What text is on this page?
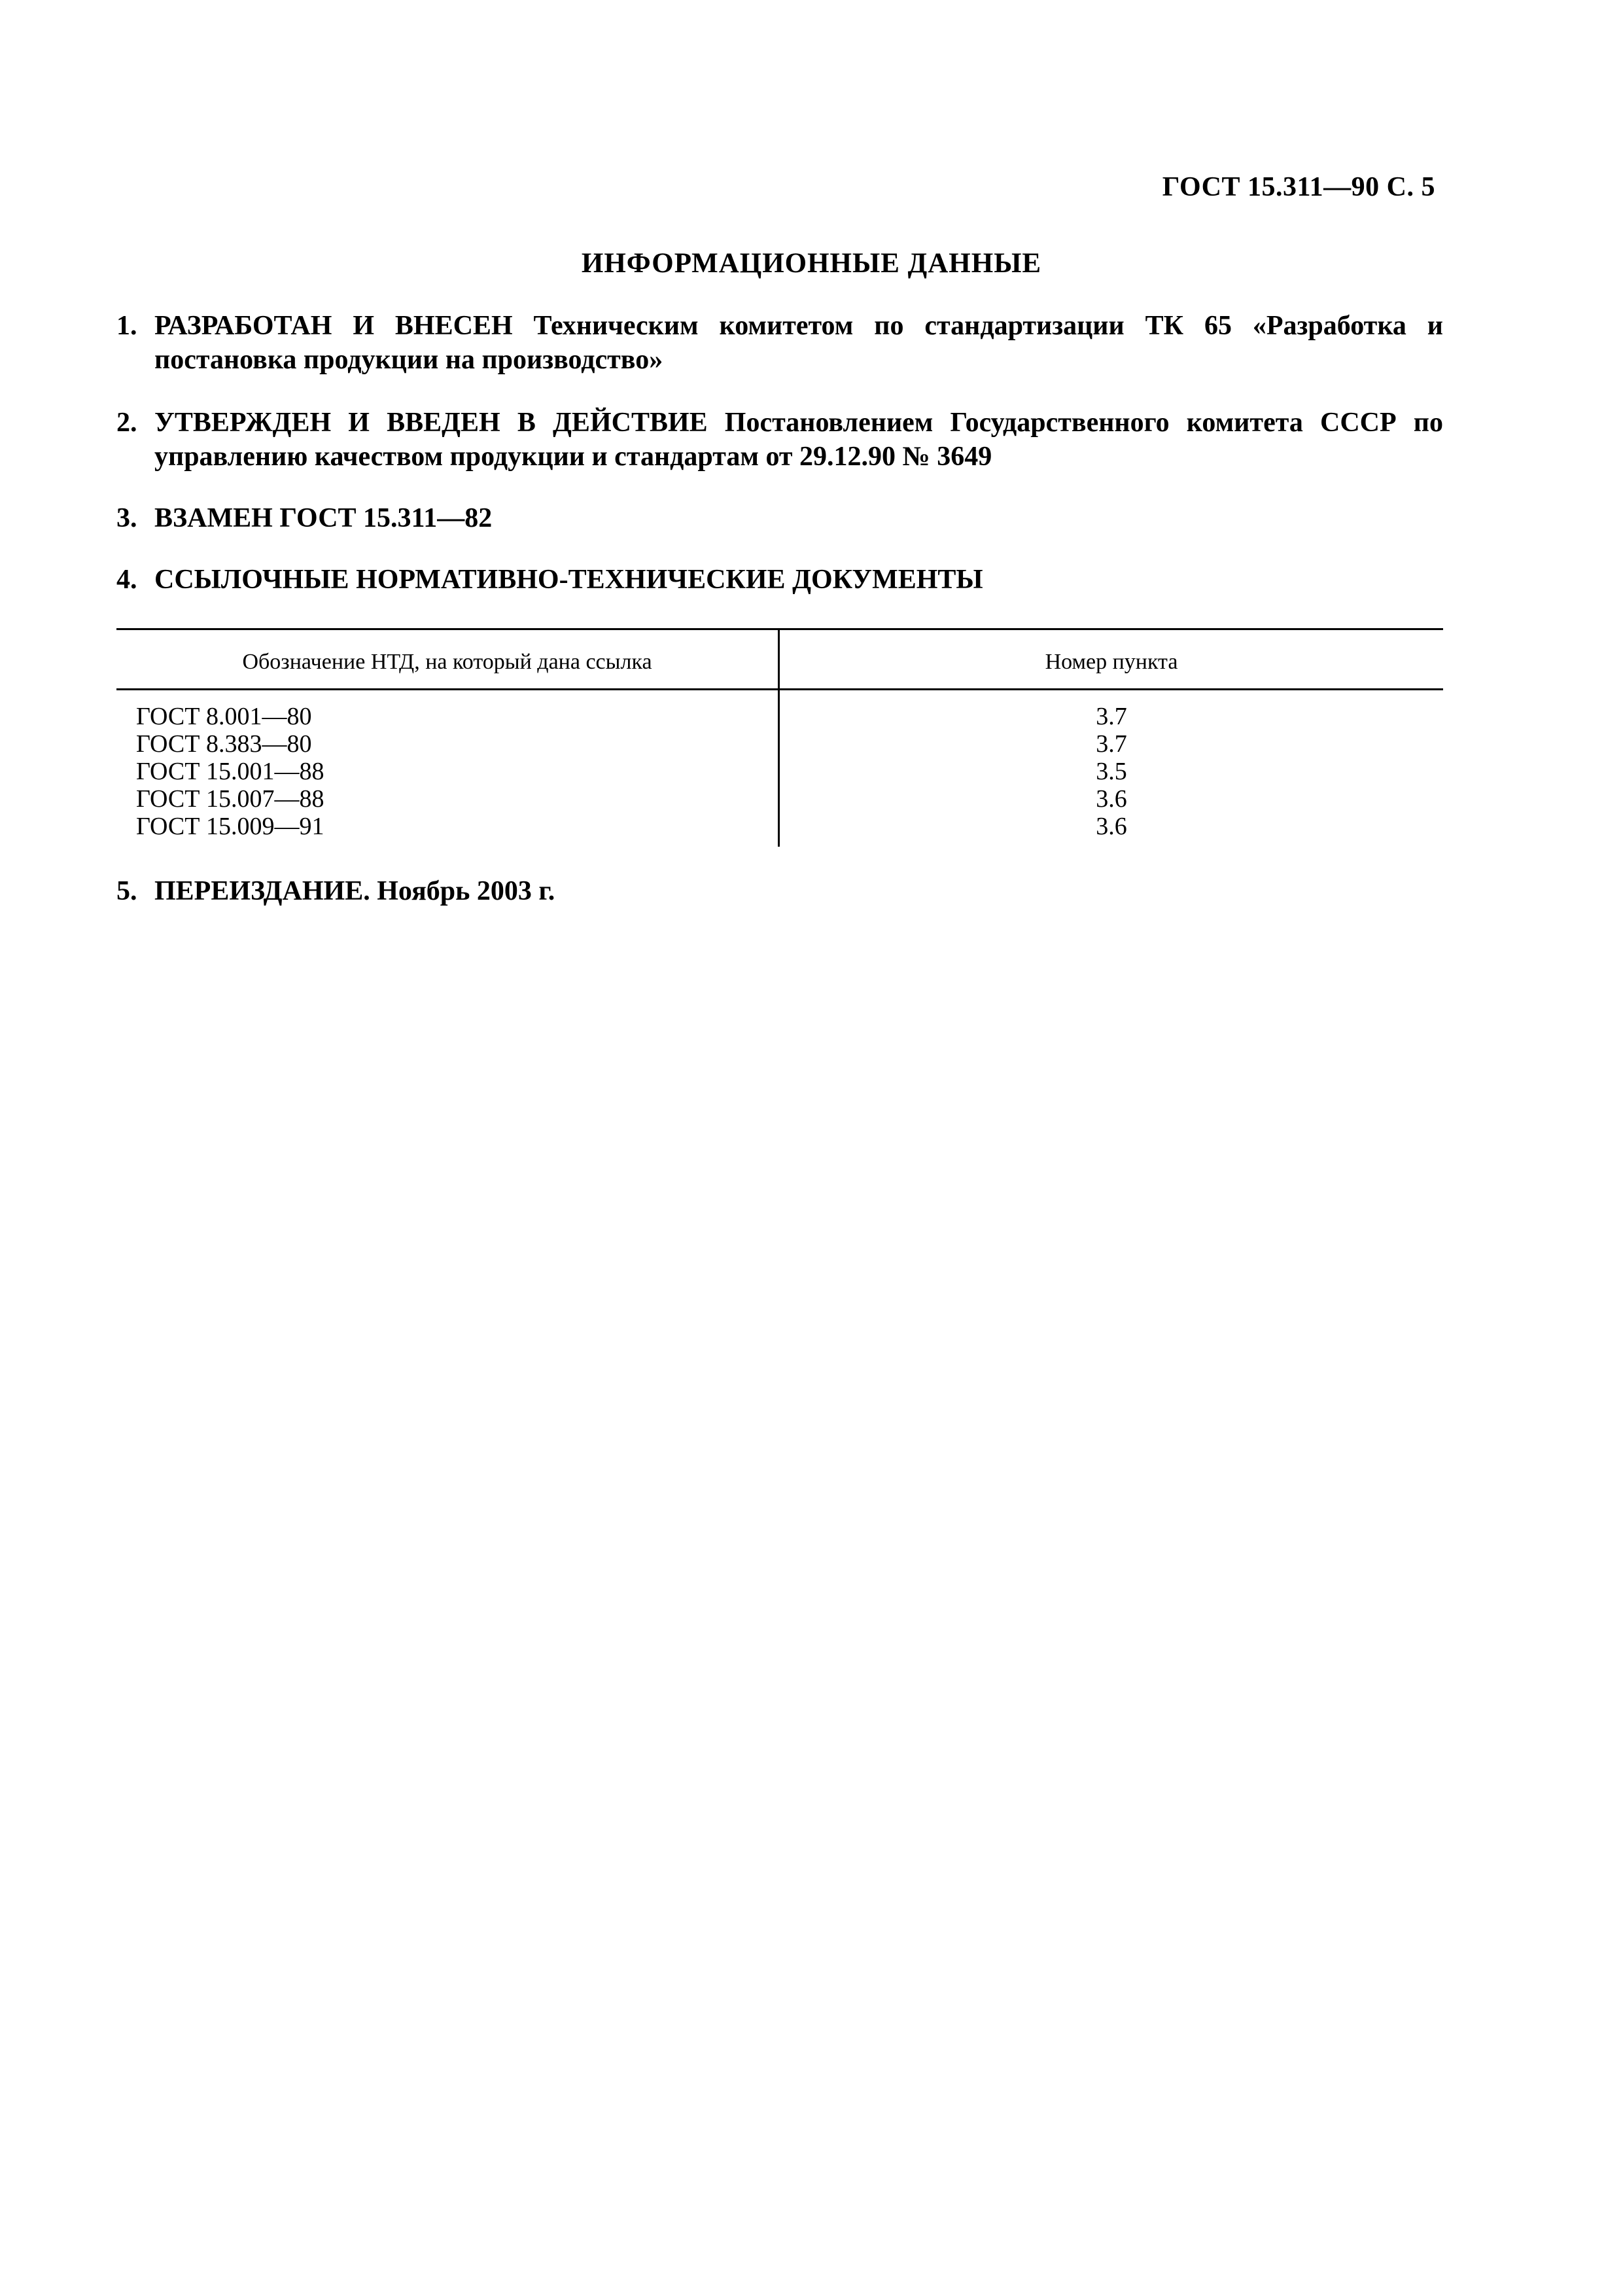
ГОСТ 15.311—90 С. 5
ИНФОРМАЦИОННЫЕ ДАННЫЕ
1. РАЗРАБОТАН И ВНЕСЕН Техническим комитетом по стандартизации ТК 65 «Разработка и постановка продукции на производство»
2. УТВЕРЖДЕН И ВВЕДЕН В ДЕЙСТВИЕ Постановлением Государственного комитета СССР по управлению качеством продукции и стандартам от 29.12.90 № 3649
3. ВЗАМЕН ГОСТ 15.311—82
4. ССЫЛОЧНЫЕ НОРМАТИВНО-ТЕХНИЧЕСКИЕ ДОКУМЕНТЫ
Обозначение НТД, на который дана ссылка	Номер пункта
ГОСТ 8.001—80	3.7
ГОСТ 8.383—80	3.7
ГОСТ 15.001—88	3.5
ГОСТ 15.007—88	3.6
ГОСТ 15.009—91	3.6
5. ПЕРЕИЗДАНИЕ. Ноябрь 2003 г.
